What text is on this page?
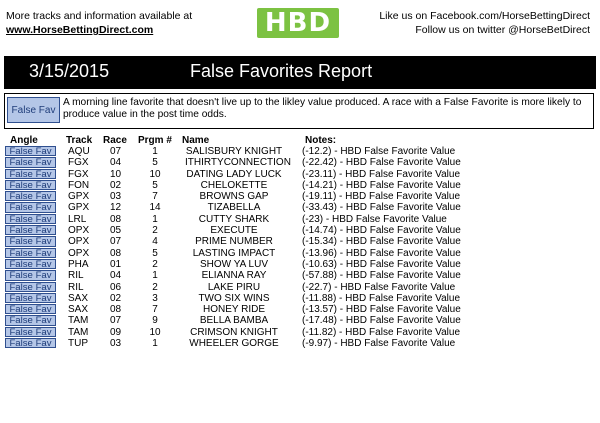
More tracks and information available at
www.HorseBettingDirect.com	HBD	Like us on Facebook.com/HorseBettingDirect
Follow us on twitter @HorseBetDirect
3/15/2015	False Favorites Report
False Fav
A morning line favorite that doesn't live up to the likley value produced. A race with a False Favorite is more likely to produce value in the post time odds.
Angle	Track Race Prgm # Name	Notes:
False Fav	AQU 07	1	SALISBURY KNIGHT (-12.2) - HBD False Favorite Value
False Fav	FGX 04	5	ITHIRTYCONNECTION (-22.42) - HBD False Favorite Value
False Fav	FGX 10	10	DATING LADY LUCK (-23.11) - HBD False Favorite Value
False Fav	FON 02	5	CHELOKETTE	(-14.21) - HBD False Favorite Value
False Fav	GPX 03	7	BROWNS GAP	(-19.11) - HBD False Favorite Value
False Fav	GPX 12	14	TIZABELLA	(-33.43) - HBD False Favorite Value
False Fav	LRL 08	1	CUTTY SHARK	(-23) - HBD False Favorite Value
False Fav	OPX 05	2	EXECUTE	(-14.74) - HBD False Favorite Value
False Fav	OPX 07	4	PRIME NUMBER	(-15.34) - HBD False Favorite Value
False Fav	OPX 08	5	LASTING IMPACT	(-13.96) - HBD False Favorite Value
False Fav	PHA 01	2	SHOW YA LUV	(-10.63) - HBD False Favorite Value
False Fav	RIL	04	1	ELIANNA RAY	(-57.88) - HBD False Favorite Value
False Fav	RIL	06	2	LAKE PIRU	(-22.7) - HBD False Favorite Value
False Fav	SAX 02	3	TWO SIX WINS	(-11.88) - HBD False Favorite Value
False Fav	SAX 08	7	HONEY RIDE	(-13.57) - HBD False Favorite Value
False Fav	TAM 07	9	BELLA BAMBA	(-17.48) - HBD False Favorite Value
False Fav	TAM 09	10	CRIMSON KNIGHT	(-11.82) - HBD False Favorite Value
False Fav	TUP 03	1	WHEELER GORGE	(-9.97) - HBD False Favorite Value
